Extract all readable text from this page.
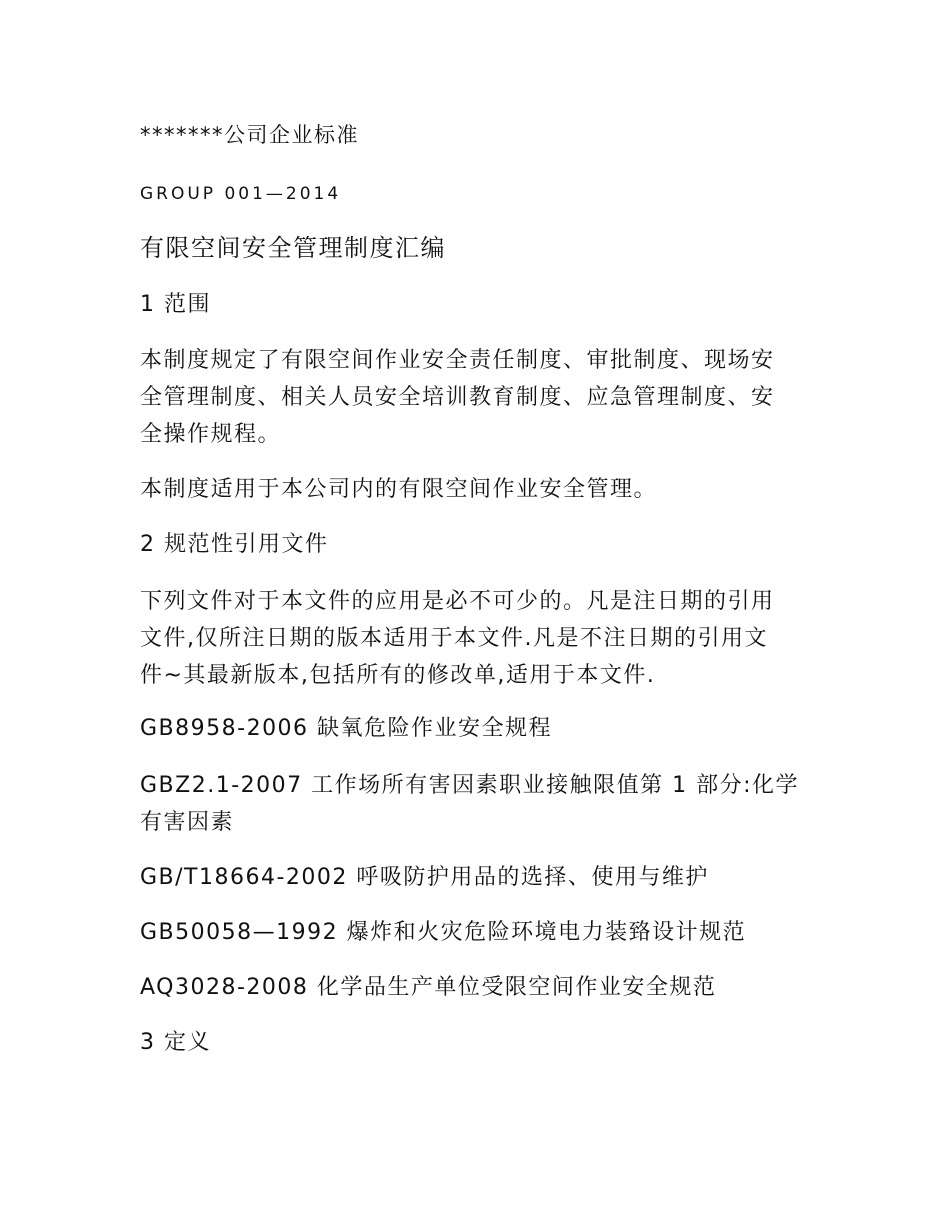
*******公司企业标准
GROUP 001—2014
有限空间安全管理制度汇编
1 范围
本制度规定了有限空间作业安全责任制度、审批制度、现场安
全管理制度、相关人员安全培训教育制度、应急管理制度、安
全操作规程。
本制度适用于本公司内的有限空间作业安全管理。
2 规范性引用文件
下列文件对于本文件的应用是必不可少的。凡是注日期的引用
文件,仅所注日期的版本适用于本文件.凡是不注日期的引用文
件~其最新版本,包括所有的修改单,适用于本文件.
GB8958-2006 缺氧危险作业安全规程
GBZ2.1-2007 工作场所有害因素职业接触限值第 1 部分:化学
有害因素
GB/T18664-2002 呼吸防护用品的选择、使用与维护
GB50058—1992 爆炸和火灾危险环境电力装臵设计规范
AQ3028-2008 化学品生产单位受限空间作业安全规范
3 定义
